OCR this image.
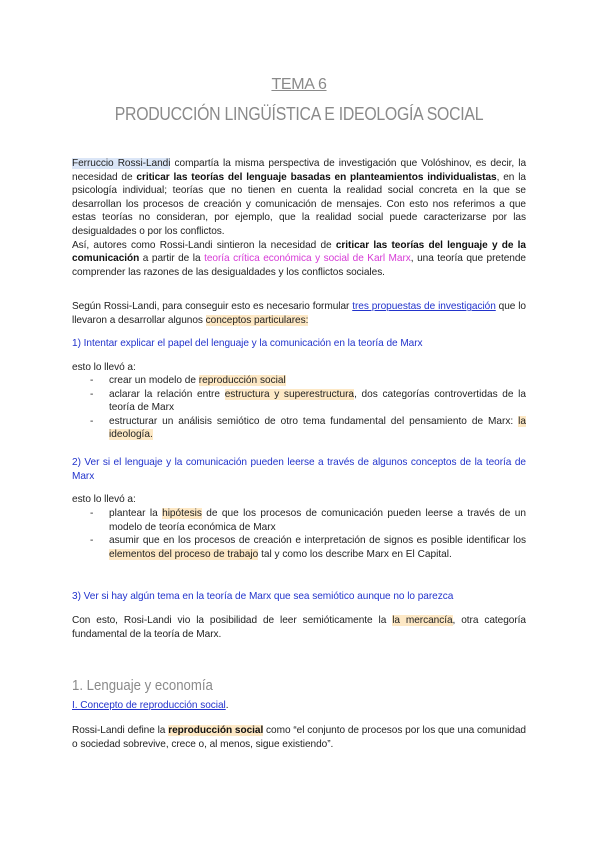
TEMA 6
PRODUCCIÓN LINGÜÍSTICA E IDEOLOGÍA SOCIAL
Ferruccio Rossi-Landi compartía la misma perspectiva de investigación que Volóshinov, es decir, la necesidad de criticar las teorías del lenguaje basadas en planteamientos individualistas, en la psicología individual; teorías que no tienen en cuenta la realidad social concreta en la que se desarrollan los procesos de creación y comunicación de mensajes. Con esto nos referimos a que estas teorías no consideran, por ejemplo, que la realidad social puede caracterizarse por las desigualdades o por los conflictos.
Así, autores como Rossi-Landi sintieron la necesidad de criticar las teorías del lenguaje y de la comunicación a partir de la teoría crítica económica y social de Karl Marx, una teoría que pretende comprender las razones de las desigualdades y los conflictos sociales.
Según Rossi-Landi, para conseguir esto es necesario formular tres propuestas de investigación que lo llevaron a desarrollar algunos conceptos particulares:
1) Intentar explicar el papel del lenguaje y la comunicación en la teoría de Marx
esto lo llevó a:
- crear un modelo de reproducción social
- aclarar la relación entre estructura y superestructura, dos categorías controvertidas de la teoría de Marx
- estructurar un análisis semiótico de otro tema fundamental del pensamiento de Marx: la ideología.
2) Ver si el lenguaje y la comunicación pueden leerse a través de algunos conceptos de la teoría de Marx
esto lo llevó a:
- plantear la hipótesis de que los procesos de comunicación pueden leerse a través de un modelo de teoría económica de Marx
- asumir que en los procesos de creación e interpretación de signos es posible identificar los elementos del proceso de trabajo tal y como los describe Marx en El Capital.
3) Ver si hay algún tema en la teoría de Marx que sea semiótico aunque no lo parezca
Con esto, Rosi-Landi vio la posibilidad de leer semióticamente la la mercancía, otra categoría fundamental de la teoría de Marx.
1. Lenguaje y economía
I. Concepto de reproducción social.
Rossi-Landi define la reproducción social como “el conjunto de procesos por los que una comunidad o sociedad sobrevive, crece o, al menos, sigue existiendo”.
